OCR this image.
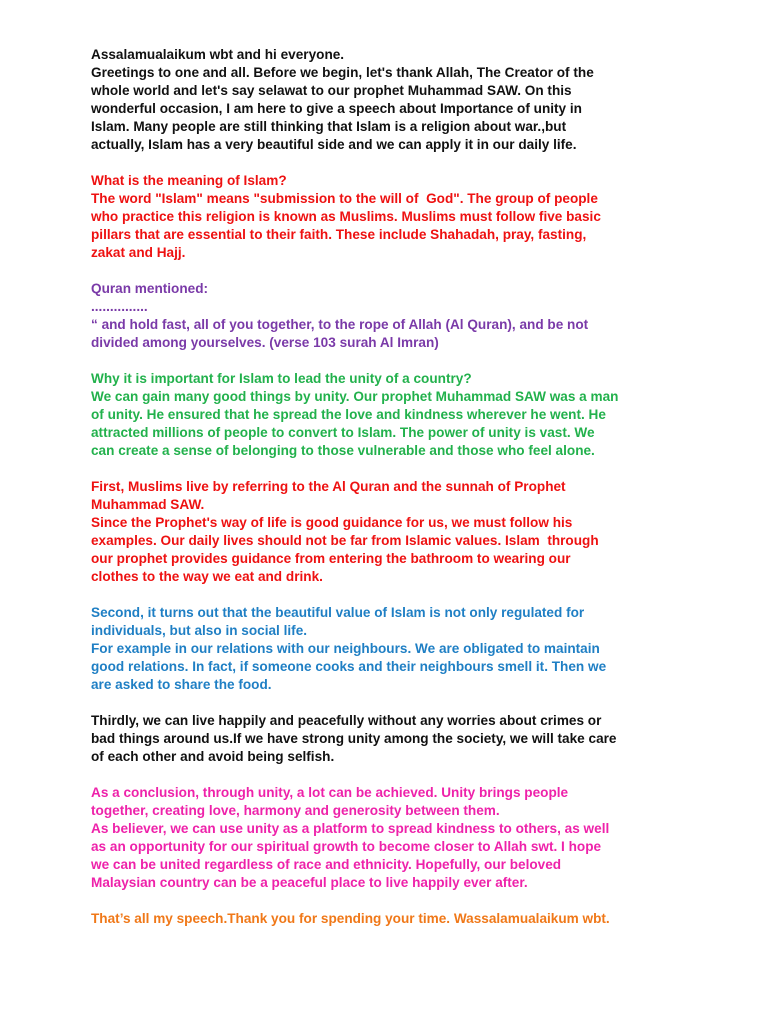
Assalamualaikum wbt and hi everyone.
Greetings to one and all. Before we begin, let's thank Allah, The Creator of the
whole world and let's say selawat to our prophet Muhammad SAW. On this
wonderful occasion, I am here to give a speech about Importance of unity in
Islam. Many people are still thinking that Islam is a religion about war.,but
actually, Islam has a very beautiful side and we can apply it in our daily life.
What is the meaning of Islam?
The word "Islam" means "submission to the will of  God". The group of people
who practice this religion is known as Muslims. Muslims must follow five basic
pillars that are essential to their faith. These include Shahadah, pray, fasting,
zakat and Hajj.
Quran mentioned:
...............
“ and hold fast, all of you together, to the rope of Allah (Al Quran), and be not
divided among yourselves. (verse 103 surah Al Imran)
Why it is important for Islam to lead the unity of a country?
We can gain many good things by unity. Our prophet Muhammad SAW was a man
of unity. He ensured that he spread the love and kindness wherever he went. He
attracted millions of people to convert to Islam. The power of unity is vast. We
can create a sense of belonging to those vulnerable and those who feel alone.
First, Muslims live by referring to the Al Quran and the sunnah of Prophet
Muhammad SAW.
Since the Prophet's way of life is good guidance for us, we must follow his
examples. Our daily lives should not be far from Islamic values. Islam  through
our prophet provides guidance from entering the bathroom to wearing our
clothes to the way we eat and drink.
Second, it turns out that the beautiful value of Islam is not only regulated for
individuals, but also in social life.
For example in our relations with our neighbours. We are obligated to maintain
good relations. In fact, if someone cooks and their neighbours smell it. Then we
are asked to share the food.
Thirdly, we can live happily and peacefully without any worries about crimes or
bad things around us.If we have strong unity among the society, we will take care
of each other and avoid being selfish.
As a conclusion, through unity, a lot can be achieved. Unity brings people
together, creating love, harmony and generosity between them.
As believer, we can use unity as a platform to spread kindness to others, as well
as an opportunity for our spiritual growth to become closer to Allah swt. I hope
we can be united regardless of race and ethnicity. Hopefully, our beloved
Malaysian country can be a peaceful place to live happily ever after.
That’s all my speech.Thank you for spending your time. Wassalamualaikum wbt.
